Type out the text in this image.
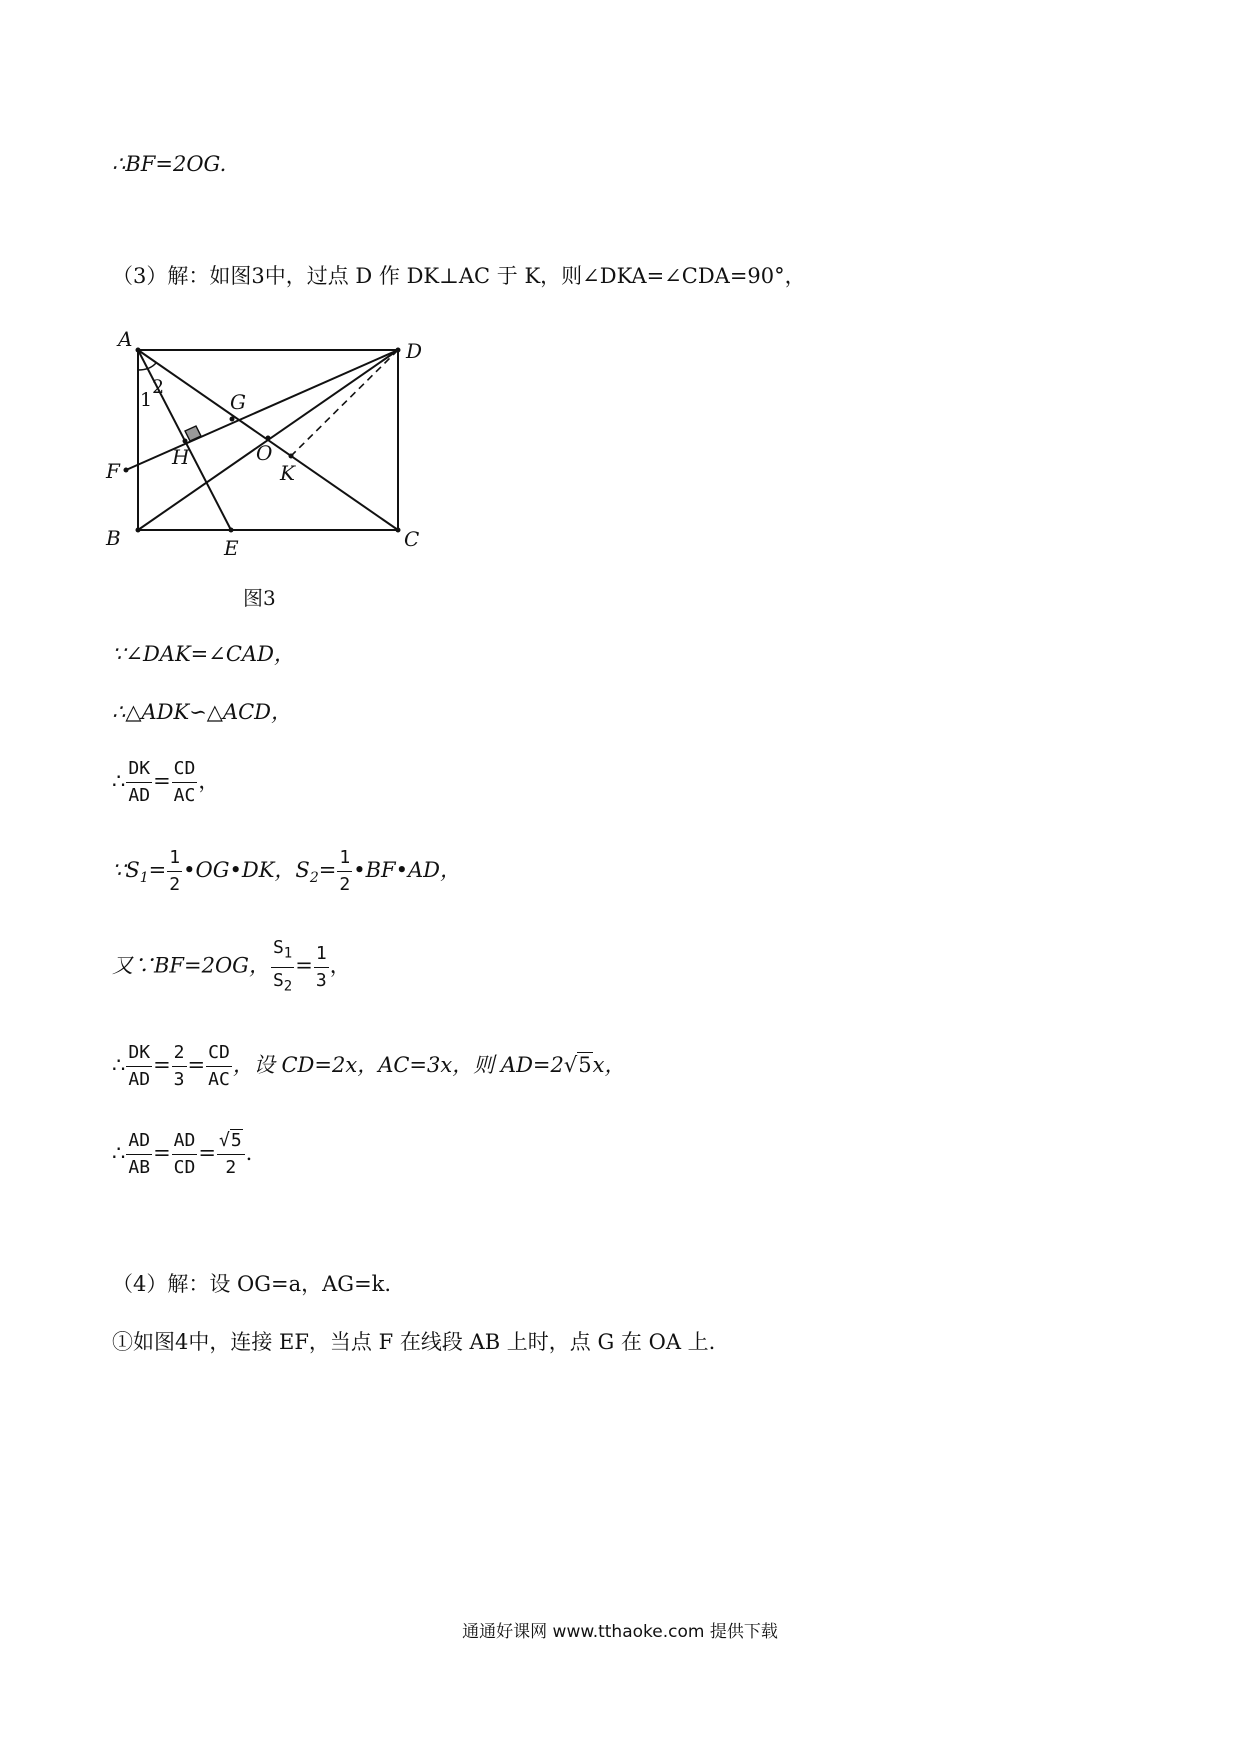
∴BF=2OG.
（3）解：如图3中，过点 D 作 DK⊥AC 于 K，则∠DKA=∠CDA=90°，
A	D
B	C
E
F
G
H	O
K
1
2
图3
∵∠DAK=∠CAD，
∴△ADK∽△ACD，
∴ $\frac{DK}{AD} = \frac{CD}{AC}$ ，
$\because S_1= \frac{1}{2}$ •OG•DK，$S_2= \frac{1}{2}$ •BF•AD，
又∵BF=2OG， $\frac{S_1}{S_2} = \frac{1}{3}$ ，
∴ $\frac{DK}{AD} = \frac{2}{3} = \frac{CD}{AC}$ ，设 CD=2x，AC=3x，则 AD=2√5x，
∴ $\frac{AD}{AB} = \frac{AD}{CD} = \frac{√5}{2}$ .
（4）解：设 OG=a，AG=k.
①如图4中，连接 EF，当点 F 在线段 AB 上时，点 G 在 OA 上.
通通好课网 www.tthaoke.com 提供下载
